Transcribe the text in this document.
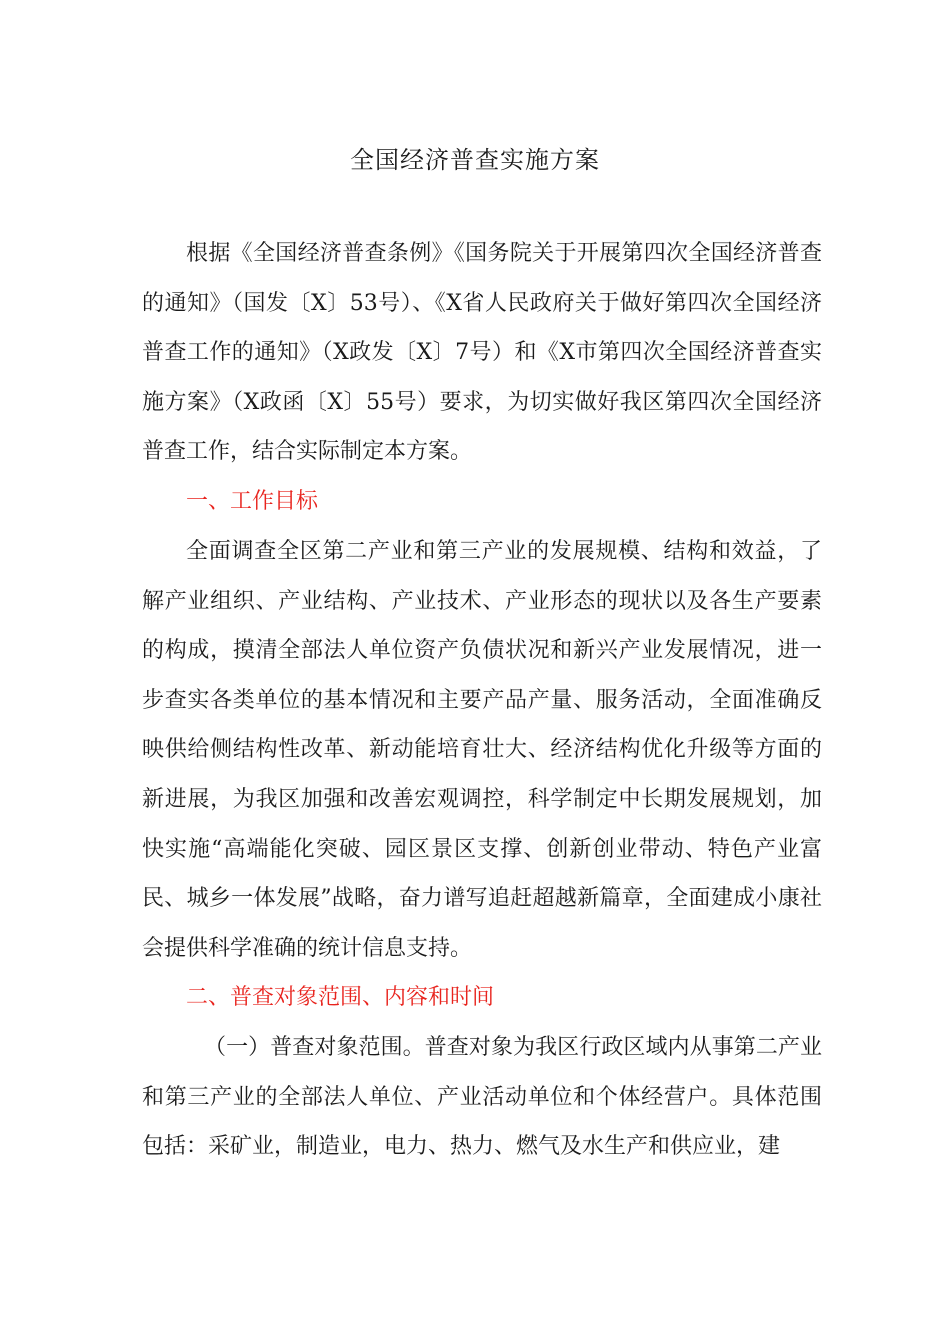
全国经济普查实施方案

根据《全国经济普查条例》《国务院关于开展第四次全国经济普查的通知》（国发〔X〕53号）、《X省人民政府关于做好第四次全国经济普查工作的通知》（X政发〔X〕7号）和《X市第四次全国经济普查实施方案》（X政函〔X〕55号）要求，为切实做好我区第四次全国经济普查工作，结合实际制定本方案。

一、工作目标

全面调查全区第二产业和第三产业的发展规模、结构和效益，了解产业组织、产业结构、产业技术、产业形态的现状以及各生产要素的构成，摸清全部法人单位资产负债状况和新兴产业发展情况，进一步查实各类单位的基本情况和主要产品产量、服务活动，全面准确反映供给侧结构性改革、新动能培育壮大、经济结构优化升级等方面的新进展，为我区加强和改善宏观调控，科学制定中长期发展规划，加快实施“高端能化突破、园区景区支撑、创新创业带动、特色产业富民、城乡一体发展”战略，奋力谱写追赶超越新篇章，全面建成小康社会提供科学准确的统计信息支持。

二、普查对象范围、内容和时间

（一）普查对象范围。普查对象为我区行政区域内从事第二产业和第三产业的全部法人单位、产业活动单位和个体经营户。具体范围包括：采矿业，制造业，电力、热力、燃气及水生产和供应业，建
